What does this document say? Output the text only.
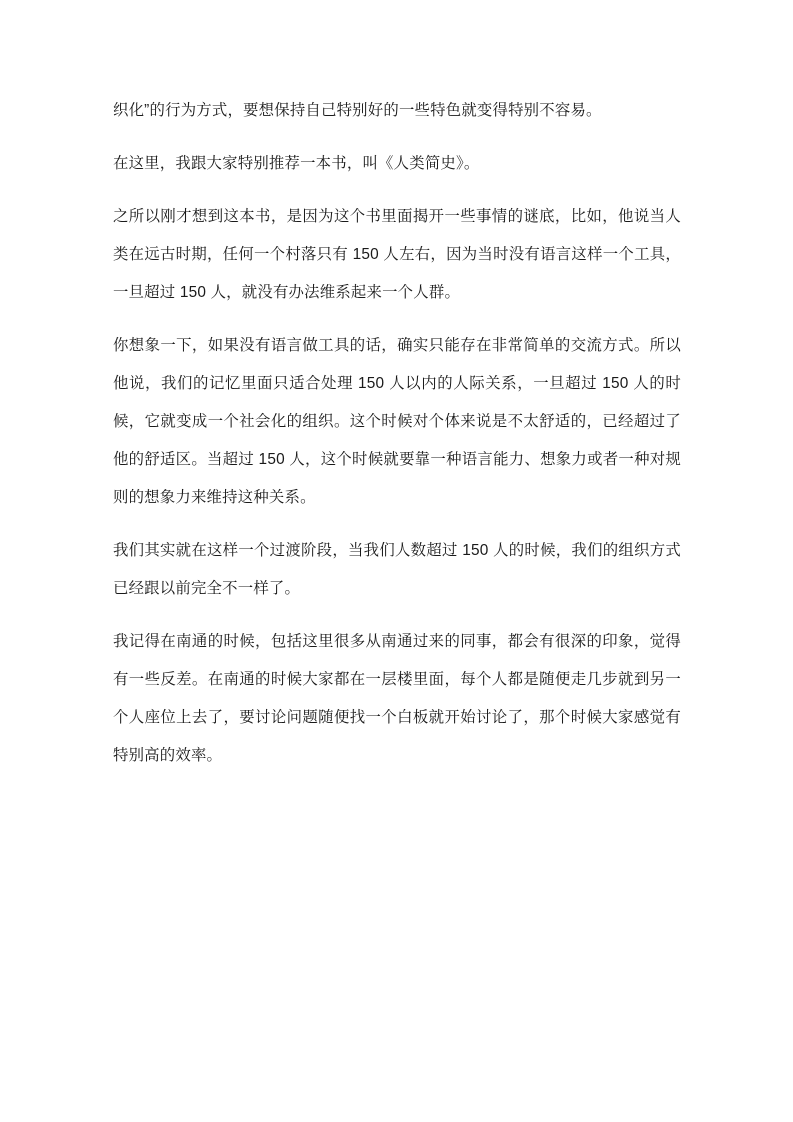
织化”的行为方式，要想保持自己特别好的一些特色就变得特别不容易。

在这里，我跟大家特别推荐一本书，叫《人类简史》。

之所以刚才想到这本书，是因为这个书里面揭开一些事情的谜底，比如，他说当人类在远古时期，任何一个村落只有 150 人左右，因为当时没有语言这样一个工具，一旦超过 150 人，就没有办法维系起来一个人群。

你想象一下，如果没有语言做工具的话，确实只能存在非常简单的交流方式。所以他说，我们的记忆里面只适合处理 150 人以内的人际关系，一旦超过 150 人的时候，它就变成一个社会化的组织。这个时候对个体来说是不太舒适的，已经超过了他的舒适区。当超过 150 人，这个时候就要靠一种语言能力、想象力或者一种对规则的想象力来维持这种关系。

我们其实就在这样一个过渡阶段，当我们人数超过 150 人的时候，我们的组织方式已经跟以前完全不一样了。

我记得在南通的时候，包括这里很多从南通过来的同事，都会有很深的印象，觉得有一些反差。在南通的时候大家都在一层楼里面，每个人都是随便走几步就到另一个人座位上去了，要讨论问题随便找一个白板就开始讨论了，那个时候大家感觉有特别高的效率。
